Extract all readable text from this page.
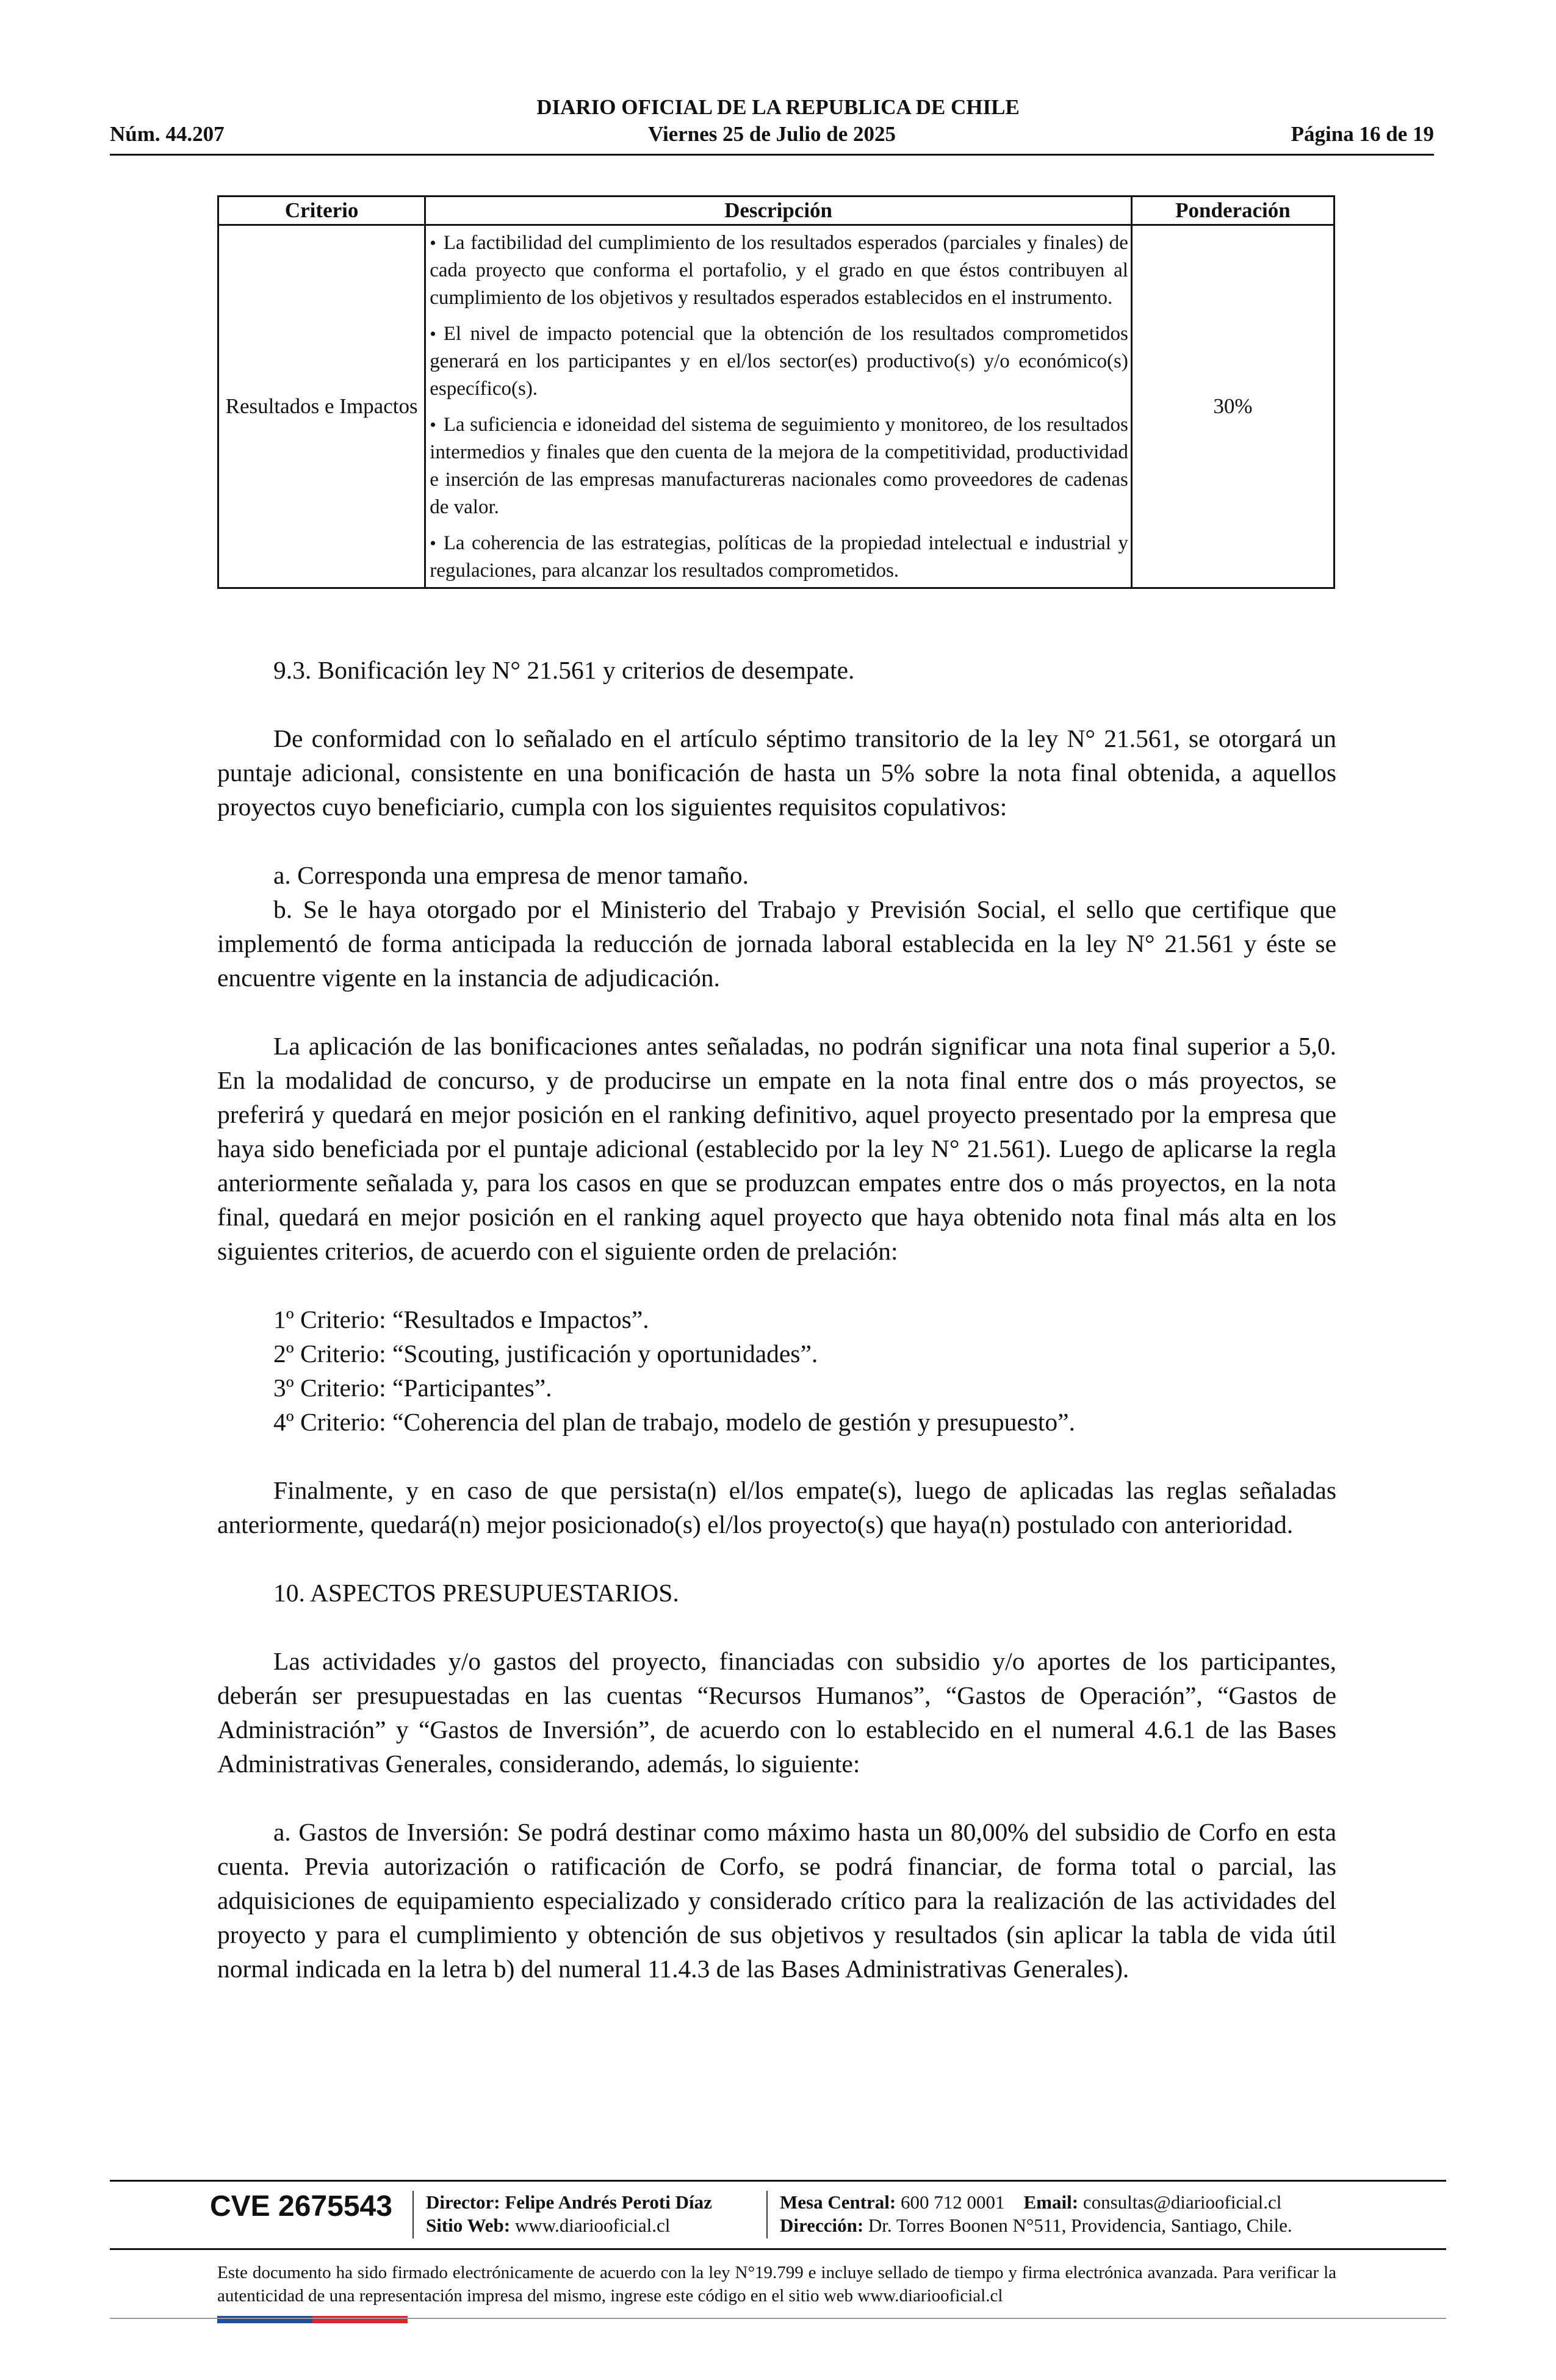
DIARIO OFICIAL DE LA REPUBLICA DE CHILE
Núm. 44.207	Viernes 25 de Julio de 2025	Página 16 de 19
Criterio	Descripción	Ponderación
Resultados e Impactos	• La factibilidad del cumplimiento de los resultados esperados (parciales y finales) de cada proyecto que conforma el portafolio, y el grado en que éstos contribuyen al cumplimiento de los objetivos y resultados esperados establecidos en el instrumento.
• El nivel de impacto potencial que la obtención de los resultados comprometidos generará en los participantes y en el/los sector(es) productivo(s) y/o económico(s) específico(s).
• La suficiencia e idoneidad del sistema de seguimiento y monitoreo, de los resultados intermedios y finales que den cuenta de la mejora de la competitividad, productividad e inserción de las empresas manufactureras nacionales como proveedores de cadenas de valor.
• La coherencia de las estrategias, políticas de la propiedad intelectual e industrial y regulaciones, para alcanzar los resultados comprometidos.	30%

9.3. Bonificación ley N° 21.561 y criterios de desempate.

De conformidad con lo señalado en el artículo séptimo transitorio de la ley N° 21.561, se otorgará un puntaje adicional, consistente en una bonificación de hasta un 5% sobre la nota final obtenida, a aquellos proyectos cuyo beneficiario, cumpla con los siguientes requisitos copulativos:

a. Corresponda una empresa de menor tamaño.

b. Se le haya otorgado por el Ministerio del Trabajo y Previsión Social, el sello que certifique que implementó de forma anticipada la reducción de jornada laboral establecida en la ley N° 21.561 y éste se encuentre vigente en la instancia de adjudicación.

La aplicación de las bonificaciones antes señaladas, no podrán significar una nota final superior a 5,0. En la modalidad de concurso, y de producirse un empate en la nota final entre dos o más proyectos, se preferirá y quedará en mejor posición en el ranking definitivo, aquel proyecto presentado por la empresa que haya sido beneficiada por el puntaje adicional (establecido por la ley N° 21.561). Luego de aplicarse la regla anteriormente señalada y, para los casos en que se produzcan empates entre dos o más proyectos, en la nota final, quedará en mejor posición en el ranking aquel proyecto que haya obtenido nota final más alta en los siguientes criterios, de acuerdo con el siguiente orden de prelación:

1º Criterio: “Resultados e Impactos”.

2º Criterio: “Scouting, justificación y oportunidades”.

3º Criterio: “Participantes”.

4º Criterio: “Coherencia del plan de trabajo, modelo de gestión y presupuesto”.

Finalmente, y en caso de que persista(n) el/los empate(s), luego de aplicadas las reglas señaladas anteriormente, quedará(n) mejor posicionado(s) el/los proyecto(s) que haya(n) postulado con anterioridad.

10. ASPECTOS PRESUPUESTARIOS.

Las actividades y/o gastos del proyecto, financiadas con subsidio y/o aportes de los participantes, deberán ser presupuestadas en las cuentas “Recursos Humanos”, “Gastos de Operación”, “Gastos de Administración” y “Gastos de Inversión”, de acuerdo con lo establecido en el numeral 4.6.1 de las Bases Administrativas Generales, considerando, además, lo siguiente:

a. Gastos de Inversión: Se podrá destinar como máximo hasta un 80,00% del subsidio de Corfo en esta cuenta. Previa autorización o ratificación de Corfo, se podrá financiar, de forma total o parcial, las adquisiciones de equipamiento especializado y considerado crítico para la realización de las actividades del proyecto y para el cumplimiento y obtención de sus objetivos y resultados (sin aplicar la tabla de vida útil normal indicada en la letra b) del numeral 11.4.3 de las Bases Administrativas Generales).

CVE 2675543 Director: Felipe Andrés Peroti Díaz
Sitio Web: www.diariooficial.cl
Mesa Central: 600 712 0001 Email: consultas@diariooficial.cl
Dirección: Dr. Torres Boonen N°511, Providencia, Santiago, Chile.
Este documento ha sido firmado electrónicamente de acuerdo con la ley N°19.799 e incluye sellado de tiempo y firma electrónica avanzada. Para verificar la autenticidad de una representación impresa del mismo, ingrese este código en el sitio web www.diariooficial.cl
